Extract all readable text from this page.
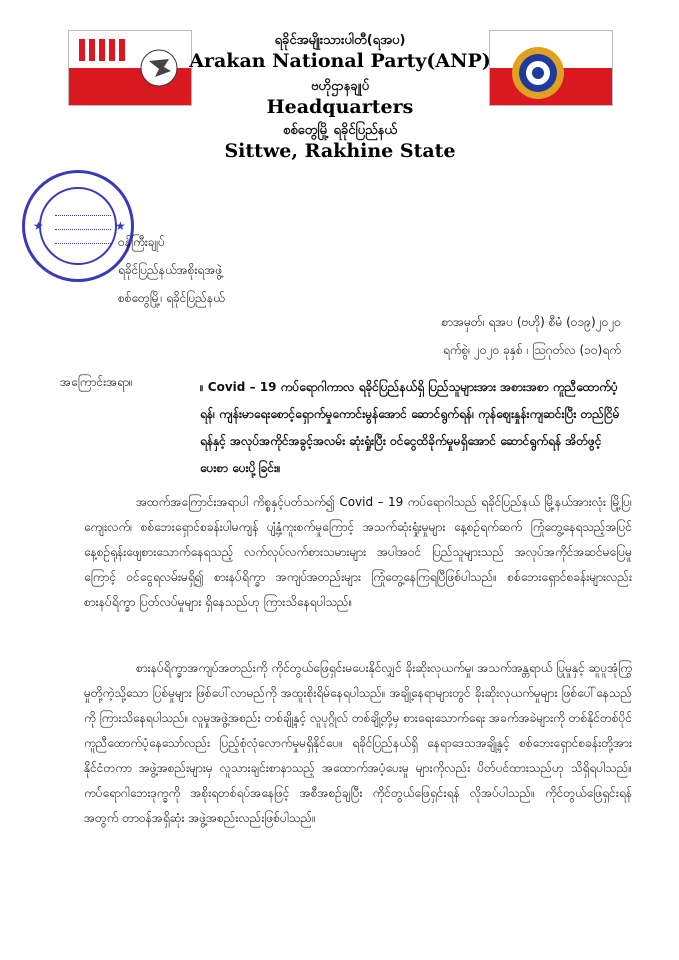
ရခိုင်အမျိုးသားပါတီ(ရအပ)
Arakan National Party(ANP)
ဗဟိုဌာနချုပ်
Headquarters
စစ်တွေမြို့ ရခိုင်ပြည်နယ်
Sittwe, Rakhine State
★	★
ဝန်ကြီးချုပ်
ရခိုင်ပြည်နယ်အစိုးရအဖွဲ့
စစ်တွေမြို့၊ ရခိုင်ပြည်နယ်
စာအမှတ်၊ ရအပ (ဗဟို) စီမံ (၀၁၉)၂၀၂၀
ရက်စွဲ၊ ၂၀၂၀ ခုနှစ် ၊ ဩဂုတ်လ (၁၀)ရက်
အကြောင်းအရာ။	။ Covid – 19 ကပ်ရောဂါကာလ ရခိုင်ပြည်နယ်ရှိ ပြည်သူများအား အစားအစာ ကူညီထောက်ပံ့ရန်၊ ကျန်းမာရေးစောင့်ရှောက်မှုကောင်းမွန်အောင် ဆောင်ရွက်ရန်၊ ကုန်ဈေးနှုန်းကျဆင်းပြီး တည်ငြိမ်ရန်နှင့် အလုပ်အကိုင်အခွင့်အလမ်း ဆုံးရှုံးပြီး ဝင်ငွေထိခိုက်မှုမရှိအောင် ဆောင်ရွက်ရန် အိတ်ဖွင့်ပေးစာ ပေးပို့ခြင်း။
အထက်အကြောင်းအရာပါ ကိစ္စနှင့်ပတ်သက်၍ Covid – 19 ကပ်ရောဂါသည် ရခိုင်ပြည်နယ် မြို့နယ်အားလုံး မြို့ပြ၊ ကျေးလက်၊ စစ်ဘေးရှောင်စခန်းပါမကျန် ပျံ့နှံ့ကူးစက်မှုကြောင့် အသက်ဆုံးရှုံးမှုများ နေ့စဉ်ရက်ဆက် ကြုံတွေ့နေရသည့်အပြင် နေ့စဉ်ရုန်းဖျေစားသောက်နေရသည့် လက်လုပ်လက်စားသမားများ အပါအဝင် ပြည်သူများသည် အလုပ်အကိုင်အဆင်မပြေမှုကြောင့် ဝင်ငွေရလမ်းမရှိ၍ စားနပ်ရိက္ခာ အကျပ်အတည်းများ ကြုံတွေ့နေကြရပြီဖြစ်ပါသည်။ စစ်ဘေးရှောင်စခန်းများလည်း စားနပ်ရိက္ခာ ပြတ်လပ်မှုများ ရှိနေသည်ဟု ကြားသိနေရပါသည်။
စားနပ်ရိက္ခာအကျပ်အတည်းကို ကိုင်တွယ်ဖြေရှင်းမပေးနိုင်လျှင် ခိုးဆိုးလုယက်မှု၊ အသက်အန္တရာယ် ပြုမှုနှင့် ဆူပူအုံကြွမှုတို့ကဲ့သို့သော ပြစ်မှုများ ဖြစ်ပေါ်လာမည်ကို အထူးစိုးရိမ်နေရပါသည်။ အချို့နေရာများတွင် ခိုးဆိုးလုယက်မှုများ ဖြစ်ပေါ်နေသည်ကို ကြားသိနေရပါသည်။ လူမှုအဖွဲ့အစည်း တစ်ချို့နှင့် လူပုဂ္ဂိုလ် တစ်ချို့တို့မှ စားရေးသောက်ရေး အခက်အခဲများကို တစ်နိုင်တစ်ပိုင် ကူညီထောက်ပံ့နေသော်လည်း ပြည့်စုံလုံလောက်မှုမရှိနိုင်ပေ။ ရခိုင်ပြည်နယ်ရှိ နေရာဒေသအချို့နှင့် စစ်ဘေးရှောင်စခန်းတို့အား နိုင်ငံတကာ အဖွဲ့အစည်းများမှ လူသားချင်းစာနာသည့် အထောက်အပံ့ပေးမှု များကိုလည်း ပိတ်ပင်ထားသည်ဟု သိရှိရပါသည်။ ကပ်ရောဂါဘေးဒုက္ခကို အစိုးရတစ်ရပ်အနေဖြင့် အစီအစဉ်ချပြီး ကိုင်တွယ်ဖြေရှင်းရန် လိုအပ်ပါသည်။ ကိုင်တွယ်ဖြေရှင်းရန်အတွက် တာဝန်အရှိဆုံး အဖွဲ့အစည်းလည်းဖြစ်ပါသည်။
